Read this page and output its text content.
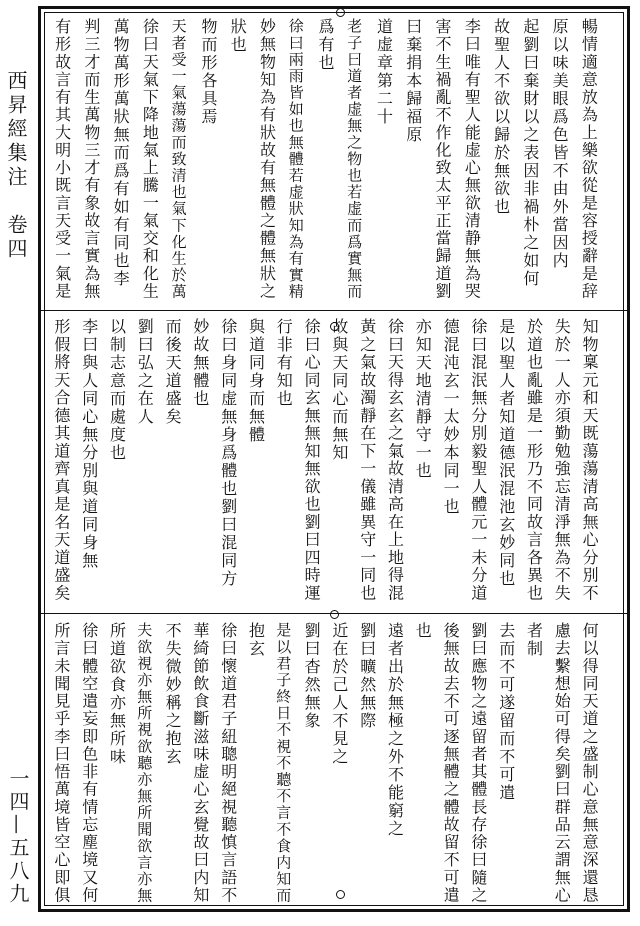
西昇經集注　卷四
一四—五八九
暢情適意放為上樂欲從是容授辭是辞
原以味美眼爲色皆不由外當因内
起劉曰棄財以之表因非禍朴之如何
故聖人不欲以歸於無欲也
李曰唯有聖人能虚心無欲清静無為哭
害不生禍亂不作化致太平正當歸道劉
曰棄捐本歸福原
道虚章第二十
老子曰道者虚無之物也若虚而爲實無而
爲有也
徐曰兩雨皆如也無體若虚狀知為有實精
妙無物知為有狀故有無體之體無狀之
狀也
物而形各具焉
天者受一氣蕩蕩而致清也氣下化生於萬
徐曰天氣下降地氣上騰一氣交和化生
萬物萬形萬狀無而爲有如有同也李
判三才而生萬物三才有象故言實為無
有形故言有其大明小既言天受一氣是
知物稟元和天既蕩蕩清高無心分別不
失於一人亦須勤勉強忘清淨無為不失
於道也亂雖是一形乃不同故言各異也
是以聖人者知道德泯混池玄妙同也
徐曰混泯無分別毅聖人體元一未分道
德混沌玄一太妙本同一也
亦知天地清靜守一也
徐曰天得玄玄之氣故清高在上地得混
黃之氣故濁靜在下一儀雖異守一同也
故與天同心而無知
徐曰心同玄無無知無欲也劉曰四時運
行非有知也
與道同身而無體
徐曰身同虚無身爲體也劉曰混同方
妙故無體也
而後天道盛矣
劉曰弘之在人
以制志意而處度也
李曰與人同心無分別與道同身無
形假將天合德其道齊真是名天道盛矣
何以得同天道之盛制心意無意深還恳
慮去繫想始可得矣劉曰群品云謂無心
者制
去而不可遂留而不可遣
劉曰應物之遠留者其體長存徐曰隨之
後無故去不可逐無體之體故留不可遣
也
遠者出於無極之外不能窮之
劉曰曠然無際
近在於己人不見之
劉曰杳然無象
是以君子終日不視不聽不言不食内知而
抱玄
徐曰懷道君子紐聰明絕視聽慎言語不
華綺節飲食斷滋味虚心玄覺故曰内知
不失微妙稱之抱玄
夫欲視亦無所視欲聽亦無所聞欲言亦無
所道欲食亦無所味
徐曰體空遣妄即色非有情忘塵境又何
所言未聞見乎李曰悟萬境皆空心即俱
